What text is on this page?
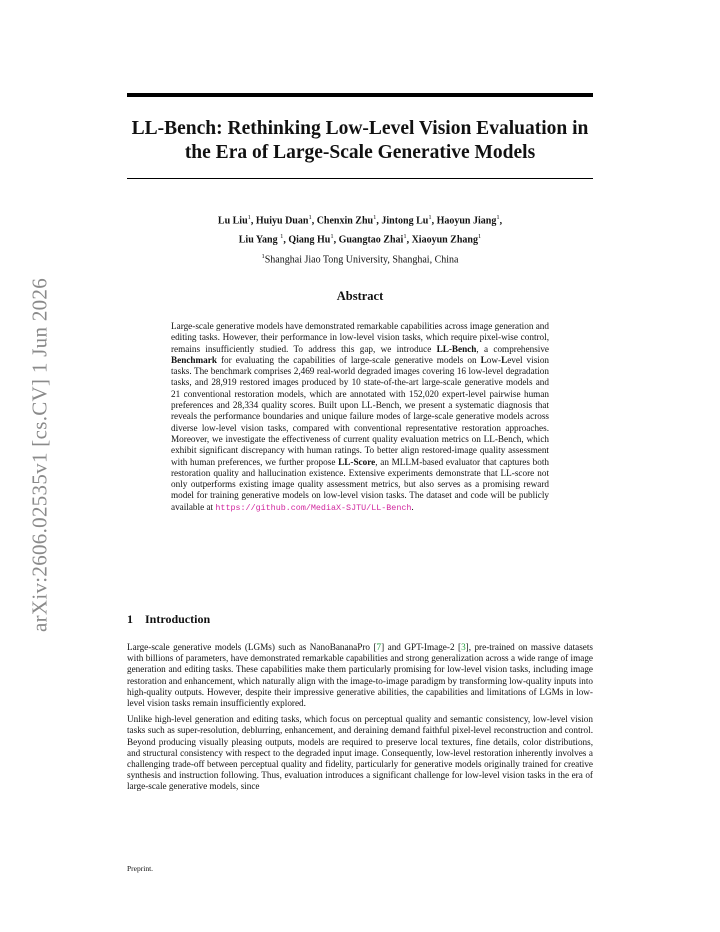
arXiv:2606.02535v1 [cs.CV] 1 Jun 2026
LL-Bench: Rethinking Low-Level Vision Evaluation in
the Era of Large-Scale Generative Models
Lu Liu$^1$, Huiyu Duan$^1$, Chenxin Zhu$^1$, Jintong Lu$^1$, Haoyun Jiang$^1$,
Liu Yang $^1$, Qiang Hu$^1$, Guangtao Zhai$^1$, Xiaoyun Zhang$^1$
$^1$Shanghai Jiao Tong University, Shanghai, China
Abstract
Large-scale generative models have demonstrated remarkable capabilities across image generation and editing tasks. However, their performance in low-level vision tasks, which require pixel-wise control, remains insufficiently studied. To address this gap, we introduce LL-Bench, a comprehensive Benchmark for evaluating the capabilities of large-scale generative models on Low-Level vision tasks. The benchmark comprises 2,469 real-world degraded images covering 16 low-level degradation tasks, and 28,919 restored images produced by 10 state-of-the-art large-scale generative models and 21 conventional restoration models, which are annotated with 152,020 expert-level pairwise human preferences and 28,334 quality scores. Built upon LL-Bench, we present a systematic diagnosis that reveals the performance boundaries and unique failure modes of large-scale generative models across diverse low-level vision tasks, compared with conventional representative restoration approaches. Moreover, we investigate the effectiveness of current quality evaluation metrics on LL-Bench, which exhibit significant discrepancy with human ratings. To better align restored-image quality assessment with human preferences, we further propose LL-Score, an MLLM-based evaluator that captures both restoration quality and hallucination existence. Extensive experiments demonstrate that LL-score not only outperforms existing image quality assessment metrics, but also serves as a promising reward model for training generative models on low-level vision tasks. The dataset and code will be publicly available at https://github.com/MediaX-SJTU/LL-Bench.
1 Introduction

Large-scale generative models (LGMs) such as NanoBananaPro [7] and GPT-Image-2 [3], pre-trained on massive datasets with billions of parameters, have demonstrated remarkable capabilities and strong generalization across a wide range of image generation and editing tasks. These capabilities make them particularly promising for low-level vision tasks, including image restoration and enhancement, which naturally align with the image-to-image paradigm by transforming low-quality inputs into high-quality outputs. However, despite their impressive generative abilities, the capabilities and limitations of LGMs in low-level vision tasks remain insufficiently explored.

Unlike high-level generation and editing tasks, which focus on perceptual quality and semantic consistency, low-level vision tasks such as super-resolution, deblurring, enhancement, and deraining demand faithful pixel-level reconstruction and control. Beyond producing visually pleasing outputs, models are required to preserve local textures, fine details, color distributions, and structural consistency with respect to the degraded input image. Consequently, low-level restoration inherently involves a challenging trade-off between perceptual quality and fidelity, particularly for generative models originally trained for creative synthesis and instruction following. Thus, evaluation introduces a significant challenge for low-level vision tasks in the era of large-scale generative models, since

Preprint.
